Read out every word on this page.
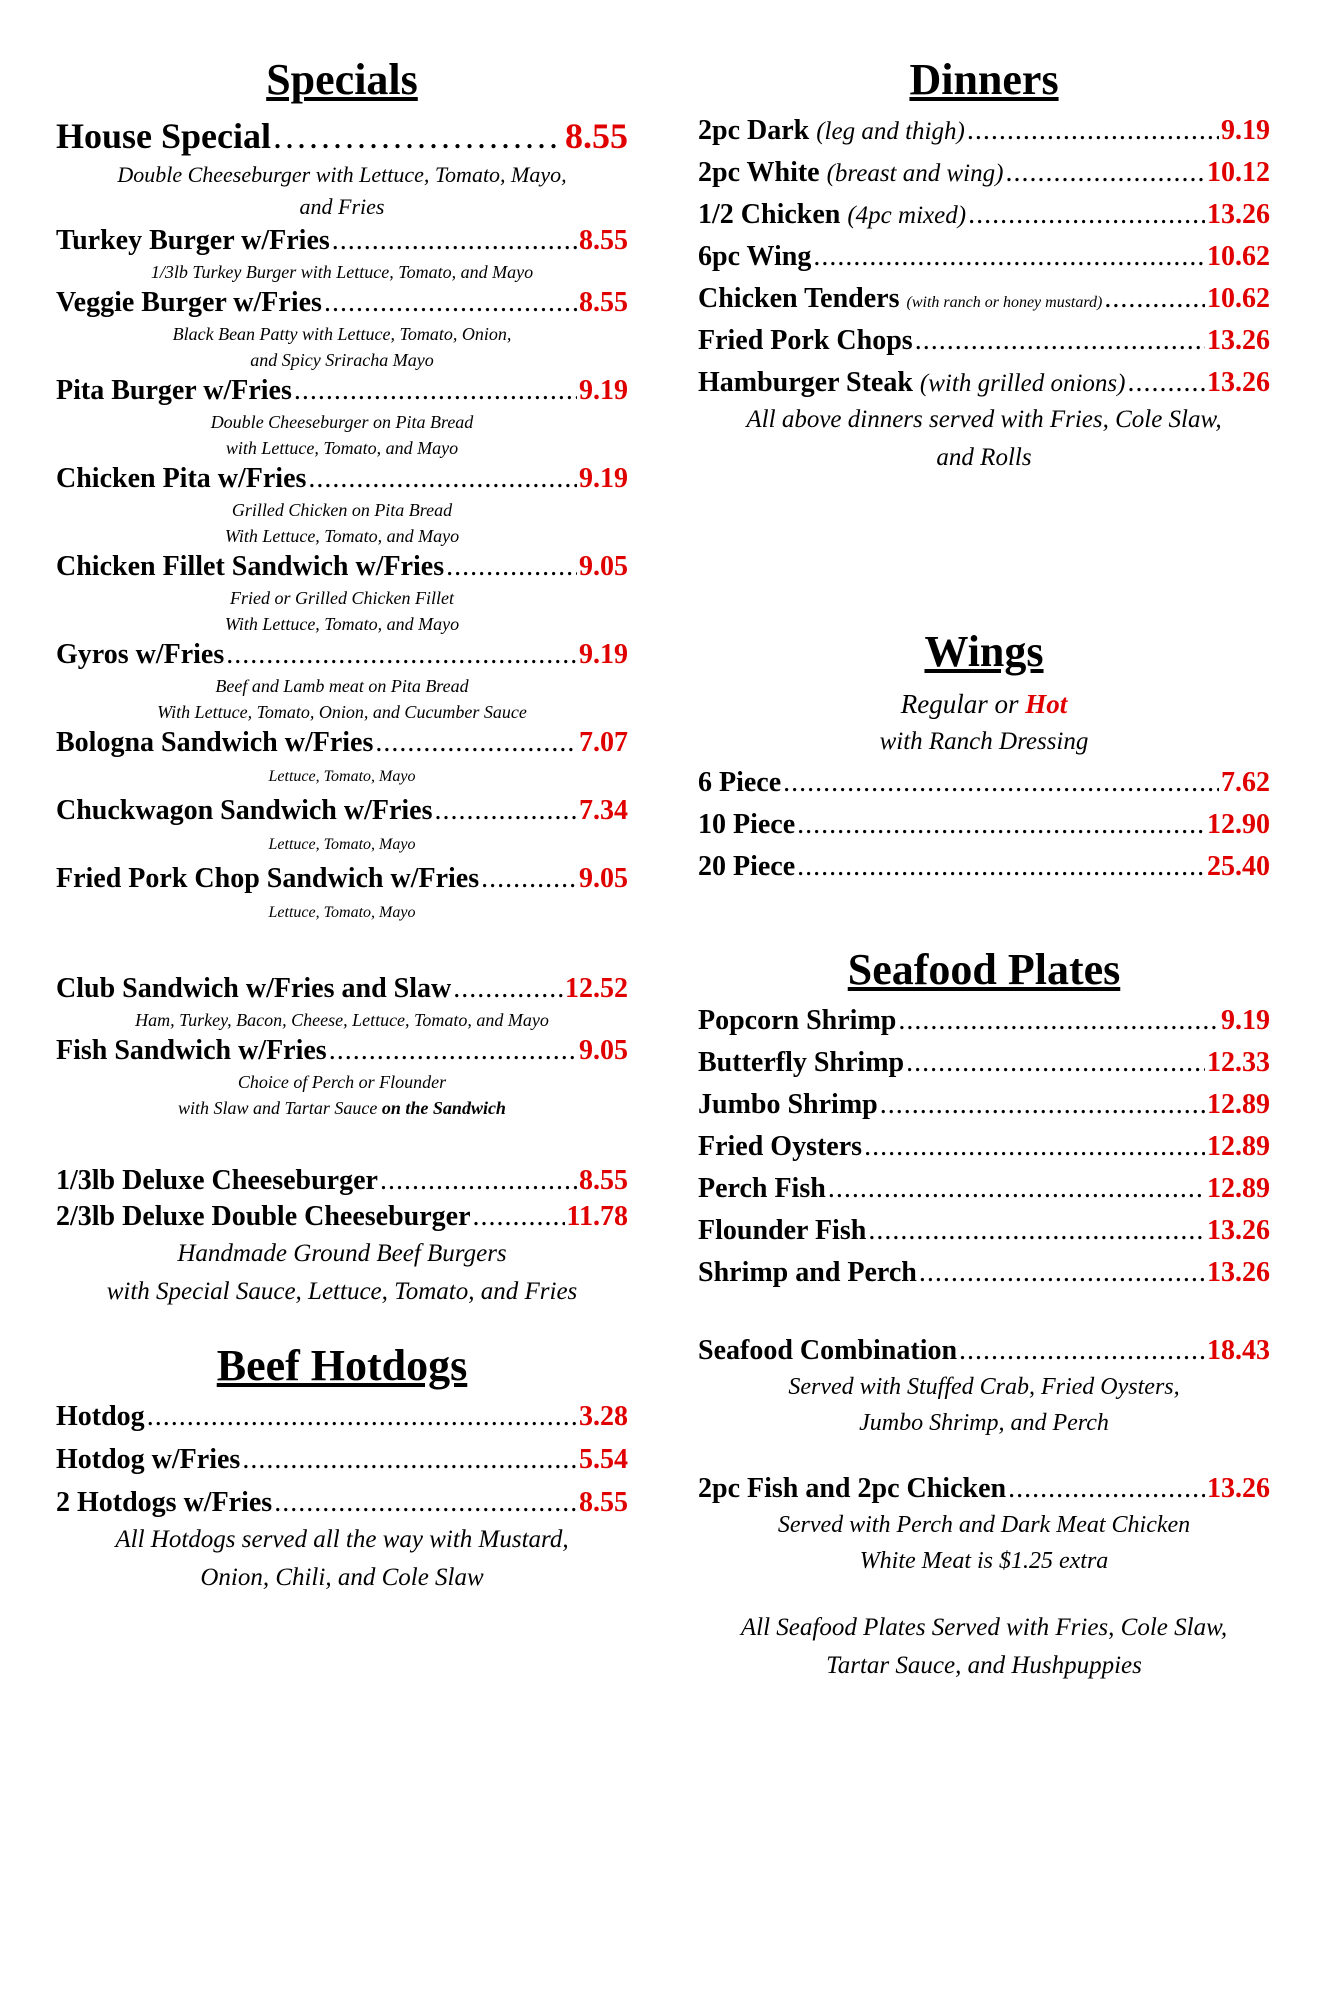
Specials
House Special . . .	8.55

Double Cheeseburger with Lettuce, Tomato, Mayo,
and Fries

Turkey Burger w/Fries . . .	8.55

1/3lb Turkey Burger with Lettuce, Tomato, and Mayo

Veggie Burger w/Fries . . .	8.55

Black Bean Patty with Lettuce, Tomato, Onion,
and Spicy Sriracha Mayo

Pita Burger w/Fries . . .	9.19

Double Cheeseburger on Pita Bread
with Lettuce, Tomato, and Mayo

Chicken Pita w/Fries . . .	9.19

Grilled Chicken on Pita Bread
With Lettuce, Tomato, and Mayo

Chicken Fillet Sandwich w/Fries . . .	9.05

Fried or Grilled Chicken Fillet
With Lettuce, Tomato, and Mayo

Gyros w/Fries . . .	9.19

Beef and Lamb meat on Pita Bread
With Lettuce, Tomato, Onion, and Cucumber Sauce

Bologna Sandwich w/Fries . . .	7.07

Lettuce, Tomato, Mayo

Chuckwagon Sandwich w/Fries . . .	7.34

Lettuce, Tomato, Mayo

Fried Pork Chop Sandwich w/Fries . . .	9.05

Lettuce, Tomato, Mayo

Club Sandwich w/Fries and Slaw . . .	12.52

Ham, Turkey, Bacon, Cheese, Lettuce, Tomato, and Mayo

Fish Sandwich w/Fries . . .	9.05

Choice of Perch or Flounder
with Slaw and Tartar Sauce on the Sandwich

1/3lb Deluxe Cheeseburger . . .	8.55
2/3lb Deluxe Double Cheeseburger . . .	11.78

Handmade Ground Beef Burgers
with Special Sauce, Lettuce, Tomato, and Fries

Beef Hotdogs
Hotdog . . .	3.28
Hotdog w/Fries . . .	5.54
2 Hotdogs w/Fries . . .	8.55

All Hotdogs served all the way with Mustard,
Onion, Chili, and Cole Slaw

Dinners
2pc Dark (leg and thigh) . . .	9.19
2pc White (breast and wing) . . .	10.12
1/2 Chicken (4pc mixed) . . .	13.26
6pc Wing . . .	10.62
Chicken Tenders (with ranch or honey mustard) . . .	10.62
Fried Pork Chops . . .	13.26
Hamburger Steak (with grilled onions) . . .	13.26

All above dinners served with Fries, Cole Slaw,
and Rolls

Wings

Regular or Hot

with Ranch Dressing

6 Piece . . .	7.62
10 Piece . . .	12.90
20 Piece . . .	25.40
Seafood Plates
Popcorn Shrimp . . .	9.19
Butterfly Shrimp . . .	12.33
Jumbo Shrimp . . .	12.89
Fried Oysters . . .	12.89
Perch Fish . . .	12.89
Flounder Fish . . .	13.26
Shrimp and Perch . . .	13.26
Seafood Combination . . .	18.43

Served with Stuffed Crab, Fried Oysters,
Jumbo Shrimp, and Perch

2pc Fish and 2pc Chicken . . .	13.26

Served with Perch and Dark Meat Chicken
White Meat is $1.25 extra

All Seafood Plates Served with Fries, Cole Slaw,
Tartar Sauce, and Hushpuppies
